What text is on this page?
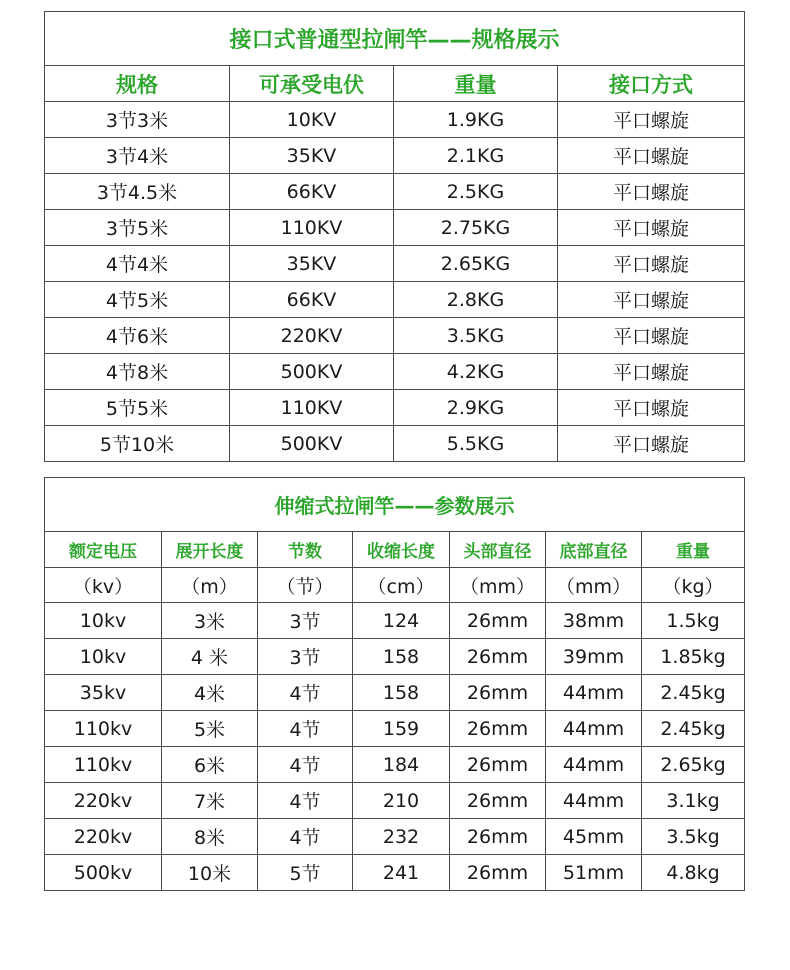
接口式普通型拉闸竿——规格展示			
规格	可承受电伏	重量	接口方式
3节3米	10KV	1.9KG	平口螺旋
3节4米	35KV	2.1KG	平口螺旋
3节4.5米	66KV	2.5KG	平口螺旋
3节5米	110KV	2.75KG	平口螺旋
4节4米	35KV	2.65KG	平口螺旋
4节5米	66KV	2.8KG	平口螺旋
4节6米	220KV	3.5KG	平口螺旋
4节8米	500KV	4.2KG	平口螺旋
5节5米	110KV	2.9KG	平口螺旋
5节10米	500KV	5.5KG	平口螺旋
伸缩式拉闸竿——参数展示						
额定电压	展开长度	节数	收缩长度	头部直径	底部直径	重量
（kv）	（m）	（节）	（cm）	（mm）	（mm）	（kg）
10kv	3米	3节	124	26mm	38mm	1.5kg
10kv	4 米	3节	158	26mm	39mm	1.85kg
35kv	4米	4节	158	26mm	44mm	2.45kg
110kv	5米	4节	159	26mm	44mm	2.45kg
110kv	6米	4节	184	26mm	44mm	2.65kg
220kv	7米	4节	210	26mm	44mm	3.1kg
220kv	8米	4节	232	26mm	45mm	3.5kg
500kv	10米	5节	241	26mm	51mm	4.8kg
